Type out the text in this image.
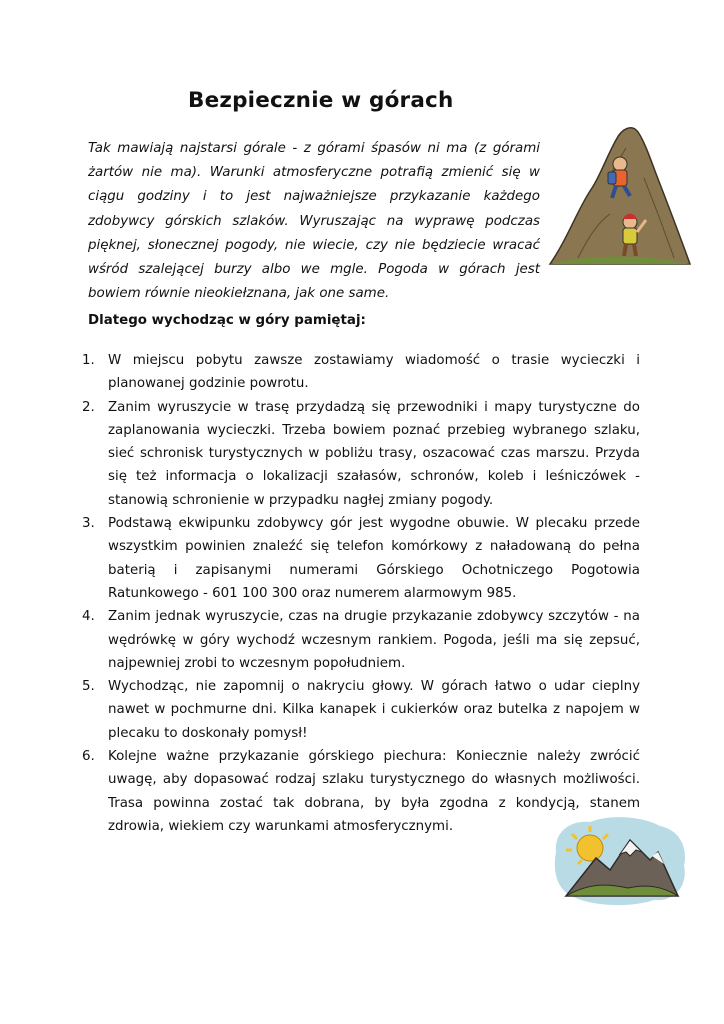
Bezpiecznie w górach

Tak mawiają najstarsi górale - z górami śpasów ni ma (z górami żartów nie ma). Warunki atmosferyczne potrafią zmienić się w ciągu godziny i to jest najważniejsze przykazanie każdego zdobywcy górskich szlaków. Wyruszając na wyprawę podczas pięknej, słonecznej pogody, nie wiecie, czy nie będziecie wracać wśród szalejącej burzy albo we mgle. Pogoda w górach jest bowiem równie nieokiełznana, jak one same.

Dlatego wychodząc w góry pamiętaj:
1. W miejscu pobytu zawsze zostawiamy wiadomość o trasie wycieczki i planowanej godzinie powrotu.
2. Zanim wyruszycie w trasę przydadzą się przewodniki i mapy turystyczne do zaplanowania wycieczki. Trzeba bowiem poznać przebieg wybranego szlaku, sieć schronisk turystycznych w pobliżu trasy, oszacować czas marszu. Przyda się też informacja o lokalizacji szałasów, schronów, koleb i leśniczówek - stanowią schronienie w przypadku nagłej zmiany pogody.
3. Podstawą ekwipunku zdobywcy gór jest wygodne obuwie. W plecaku przede wszystkim powinien znaleźć się telefon komórkowy z naładowaną do pełna baterią i zapisanymi numerami Górskiego Ochotniczego Pogotowia Ratunkowego - 601 100 300 oraz numerem alarmowym 985.
4. Zanim jednak wyruszycie, czas na drugie przykazanie zdobywcy szczytów - na wędrówkę w góry wychodź wczesnym rankiem. Pogoda, jeśli ma się zepsuć, najpewniej zrobi to wczesnym popołudniem.
5. Wychodząc, nie zapomnij o nakryciu głowy. W górach łatwo o udar cieplny nawet w pochmurne dni. Kilka kanapek i cukierków oraz butelka z napojem w plecaku to doskonały pomysł!
6. Kolejne ważne przykazanie górskiego piechura: Koniecznie należy zwrócić uwagę, aby dopasować rodzaj szlaku turystycznego do własnych możliwości. Trasa powinna zostać tak dobrana, by była zgodna z kondycją, stanem zdrowia, wiekiem czy warunkami atmosferycznymi.
